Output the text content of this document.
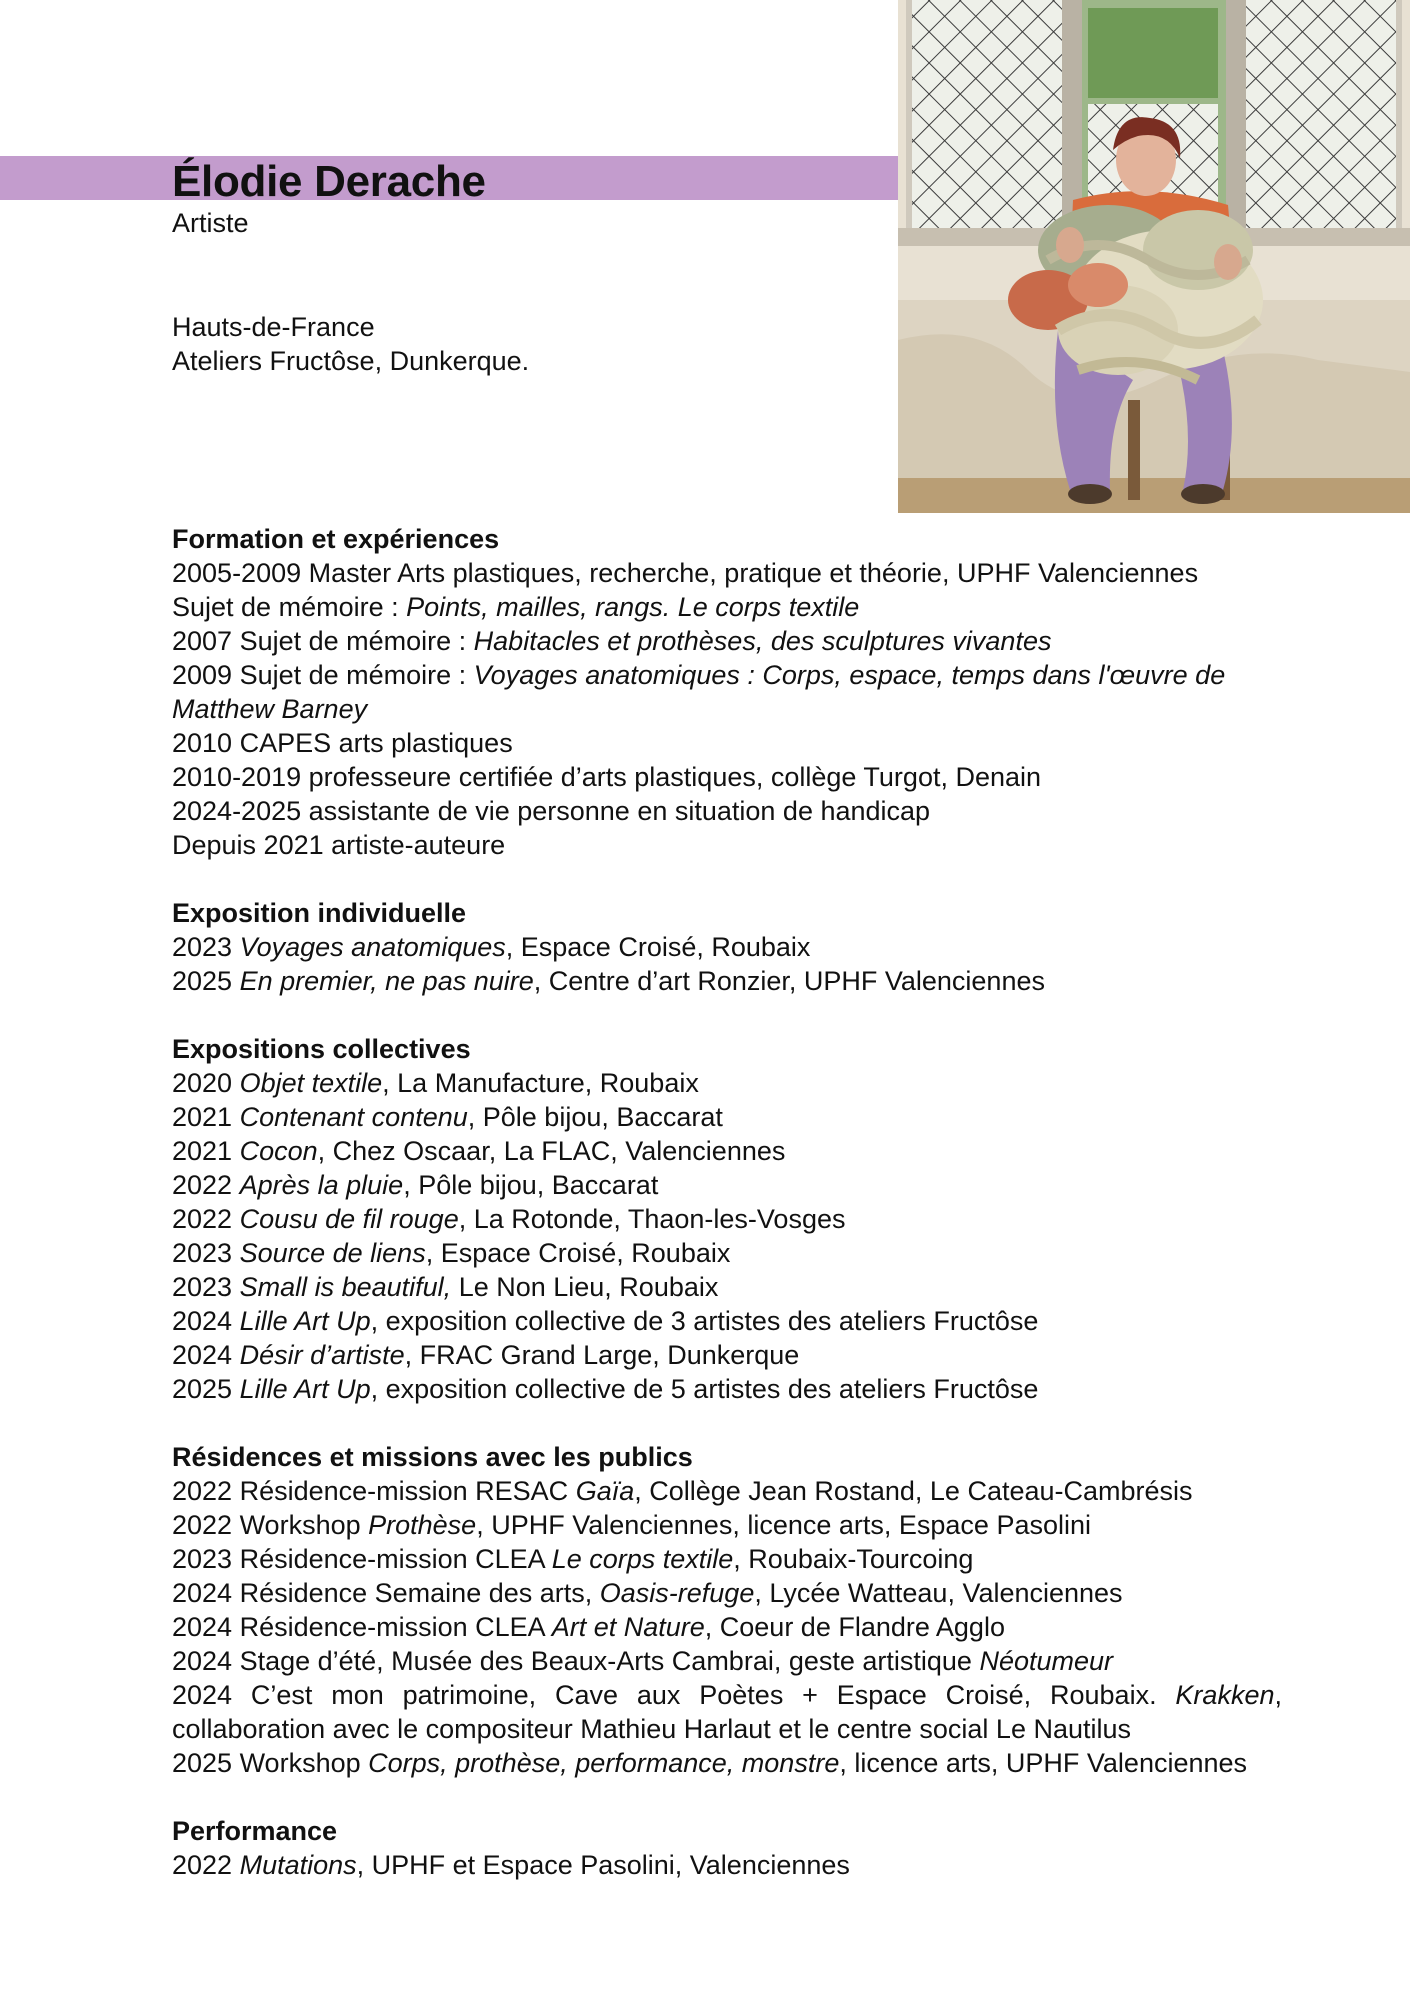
Élodie Derache
Artiste
Hauts-de-France
Ateliers Fructôse, Dunkerque.
Formation et expériences
2005-2009 Master Arts plastiques, recherche, pratique et théorie, UPHF Valenciennes
Sujet de mémoire : Points, mailles, rangs. Le corps textile
2007 Sujet de mémoire : Habitacles et prothèses, des sculptures vivantes
2009 Sujet de mémoire : Voyages anatomiques : Corps, espace, temps dans l'œuvre de Matthew Barney
2010 CAPES arts plastiques
2010-2019 professeure certifiée d’arts plastiques, collège Turgot, Denain
2024-2025 assistante de vie personne en situation de handicap
Depuis 2021 artiste-auteure
Exposition individuelle
2023 Voyages anatomiques, Espace Croisé, Roubaix
2025 En premier, ne pas nuire, Centre d’art Ronzier, UPHF Valenciennes
Expositions collectives
2020 Objet textile, La Manufacture, Roubaix
2021 Contenant contenu, Pôle bijou, Baccarat
2021 Cocon, Chez Oscaar, La FLAC, Valenciennes
2022 Après la pluie, Pôle bijou, Baccarat
2022 Cousu de fil rouge, La Rotonde, Thaon-les-Vosges
2023 Source de liens, Espace Croisé, Roubaix
2023 Small is beautiful, Le Non Lieu, Roubaix
2024 Lille Art Up, exposition collective de 3 artistes des ateliers Fructôse
2024 Désir d’artiste, FRAC Grand Large, Dunkerque
2025 Lille Art Up, exposition collective de 5 artistes des ateliers Fructôse
Résidences et missions avec les publics
2022 Résidence-mission RESAC Gaïa, Collège Jean Rostand, Le Cateau-Cambrésis
2022 Workshop Prothèse, UPHF Valenciennes, licence arts, Espace Pasolini
2023 Résidence-mission CLEA Le corps textile, Roubaix-Tourcoing
2024 Résidence Semaine des arts, Oasis-refuge, Lycée Watteau, Valenciennes
2024 Résidence-mission CLEA Art et Nature, Coeur de Flandre Agglo
2024 Stage d’été, Musée des Beaux-Arts Cambrai, geste artistique Néotumeur
2024 C’est mon patrimoine, Cave aux Poètes + Espace Croisé, Roubaix. Krakken, collaboration avec le compositeur Mathieu Harlaut et le centre social Le Nautilus
2025 Workshop Corps, prothèse, performance, monstre, licence arts, UPHF Valenciennes
Performance
2022 Mutations, UPHF et Espace Pasolini, Valenciennes
